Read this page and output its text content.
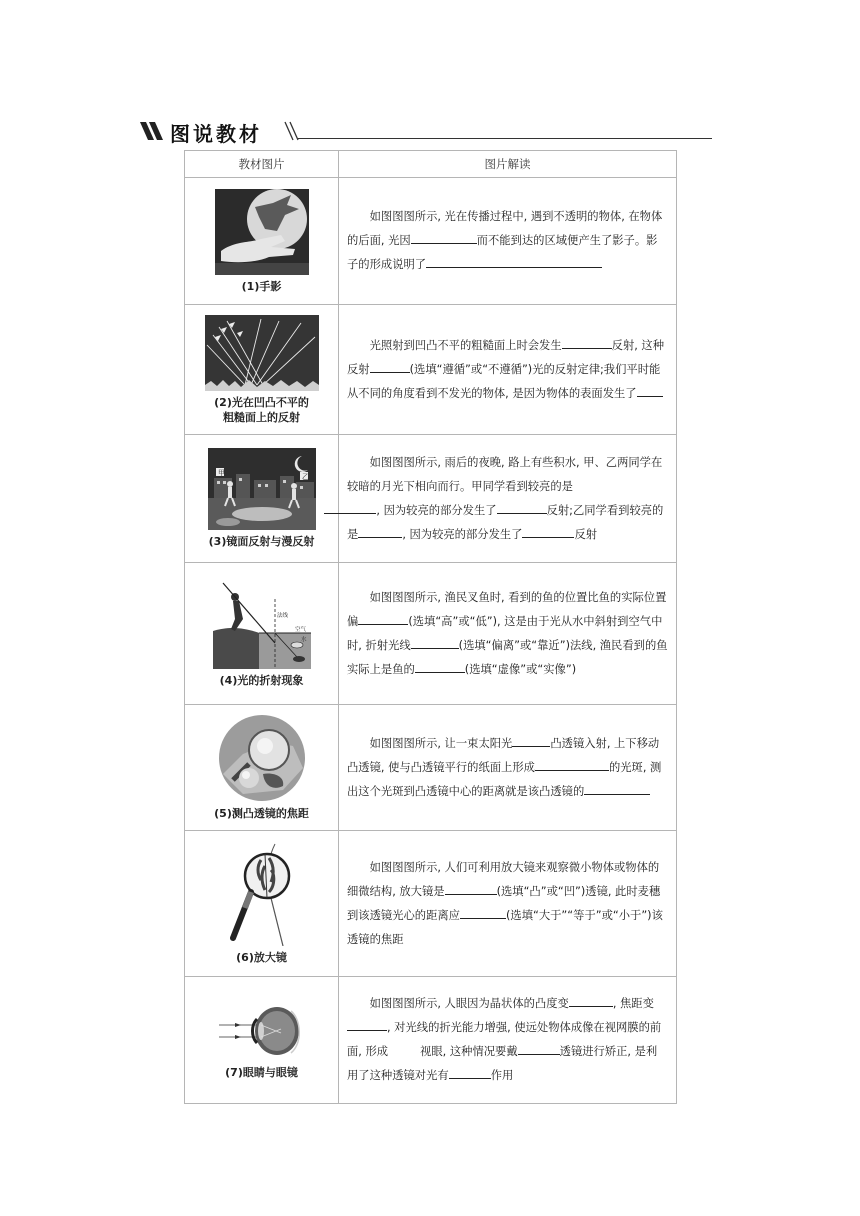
图说教材
教材图片	图片解读

(1)手影	如图图图所示, 光在传播过程中, 遇到不透明的物体, 在物体的后面, 光因 而不能到达的区域便产生了影子。影子的形成说明了

(2)光在凹凸不平的
粗糙面上的反射	光照射到凹凸不平的粗糙面上时会发生 反射, 这种反射 (选填“遵循”或“不遵循”)光的反射定律;我们平时能从不同的角度看到不发光的物体, 是因为物体的表面发生了

甲 乙
(3)镜面反射与漫反射	如图图图所示, 雨后的夜晚, 路上有些积水, 甲、乙两同学在较暗的月光下相向而行。甲同学看到较亮的是
, 因为较亮的部分发生了 反射;乙同学看到较亮的是 , 因为较亮的部分发生了 反射

法线
空气
水
(4)光的折射现象	如图图图所示, 渔民叉鱼时, 看到的鱼的位置比鱼的实际位置偏 (选填“高”或“低”), 这是由于光从水中斜射到空气中时, 折射光线 (选填“偏离”或“靠近”)法线, 渔民看到的鱼实际上是鱼的 (选填“虚像”或“实像”)

(5)测凸透镜的焦距	如图图图所示, 让一束太阳光 凸透镜入射, 上下移动凸透镜, 使与凸透镜平行的纸面上形成 的光斑, 测出这个光斑到凸透镜中心的距离就是该凸透镜的

(6)放大镜	如图图图所示, 人们可利用放大镜来观察微小物体或物体的细微结构, 放大镜是 (选填“凸”或“凹”)透镜, 此时麦穗到该透镜光心的距离应 (选填“大于”“等于”或“小于”)该透镜的焦距

(7)眼睛与眼镜	如图图图所示, 人眼因为晶状体的凸度变 , 焦距变, 对光线的折光能力增强, 使远处物体成像在视网膜的前面, 形成 视眼, 这种情况要戴 透镜进行矫正, 是利用了这种透镜对光有 作用
